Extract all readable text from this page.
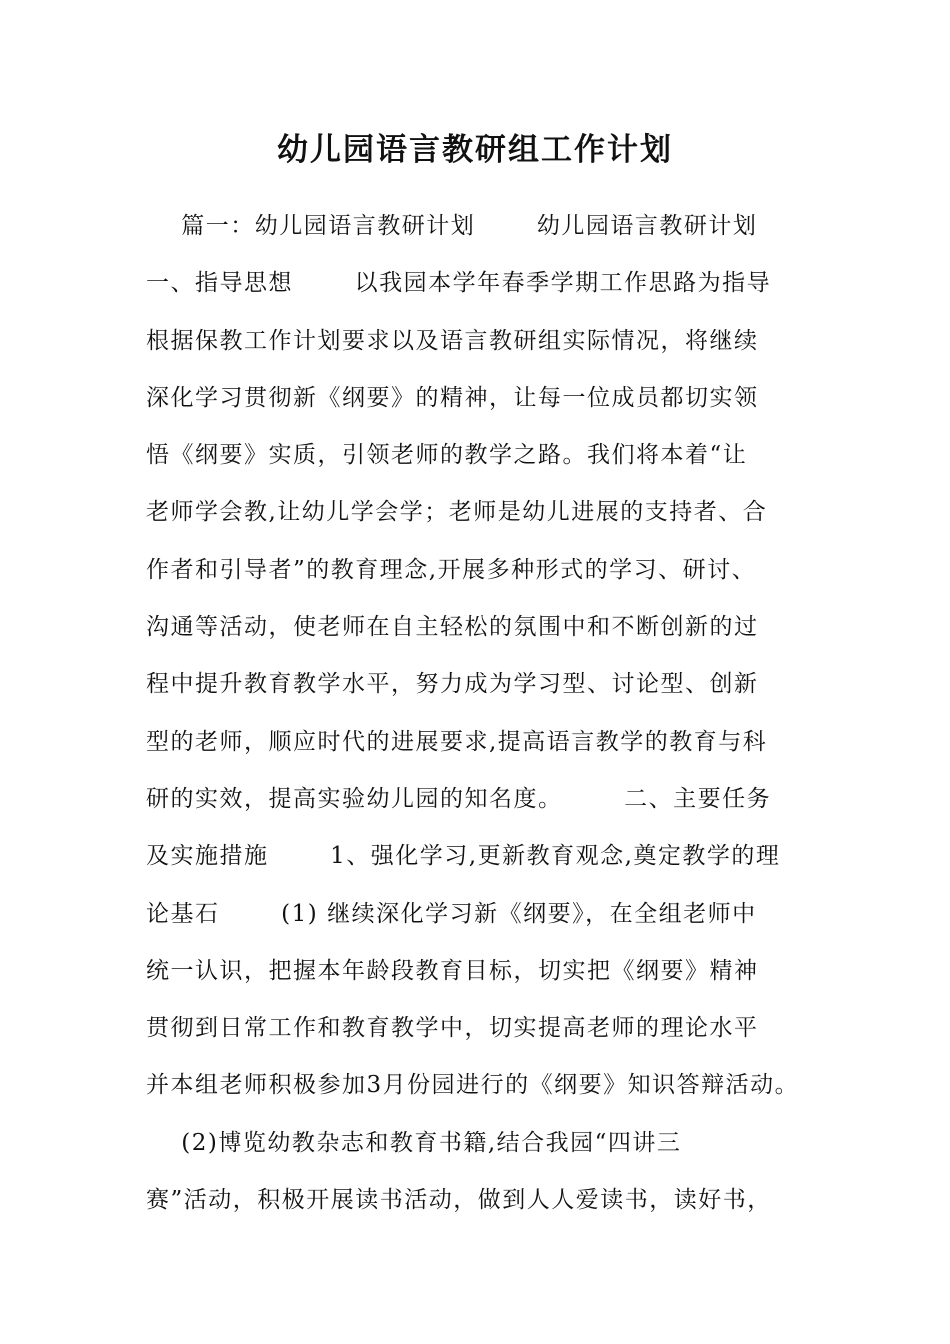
幼儿园语言教研组工作计划
篇一：幼儿园语言教研计划       幼儿园语言教研计划
一、指导思想       以我园本学年春季学期工作思路为指导
根据保教工作计划要求以及语言教研组实际情况，将继续
深化学习贯彻新《纲要》的精神，让每一位成员都切实领
悟《纲要》实质，引领老师的教学之路。我们将本着“让
老师学会教,让幼儿学会学；老师是幼儿进展的支持者、合
作者和引导者”的教育理念,开展多种形式的学习、研讨、
沟通等活动，使老师在自主轻松的氛围中和不断创新的过
程中提升教育教学水平，努力成为学习型、讨论型、创新
型的老师，顺应时代的进展要求,提高语言教学的教育与科
研的实效，提高实验幼儿园的知名度。       二、主要任务
及实施措施       1、强化学习,更新教育观念,奠定教学的理
论基石       (1) 继续深化学习新《纲要》，在全组老师中
统一认识，把握本年龄段教育目标，切实把《纲要》精神
贯彻到日常工作和教育教学中，切实提高老师的理论水平
并本组老师积极参加3月份园进行的《纲要》知识答辩活动。
(2)博览幼教杂志和教育书籍,结合我园“四讲三
赛”活动，积极开展读书活动，做到人人爱读书，读好书，
